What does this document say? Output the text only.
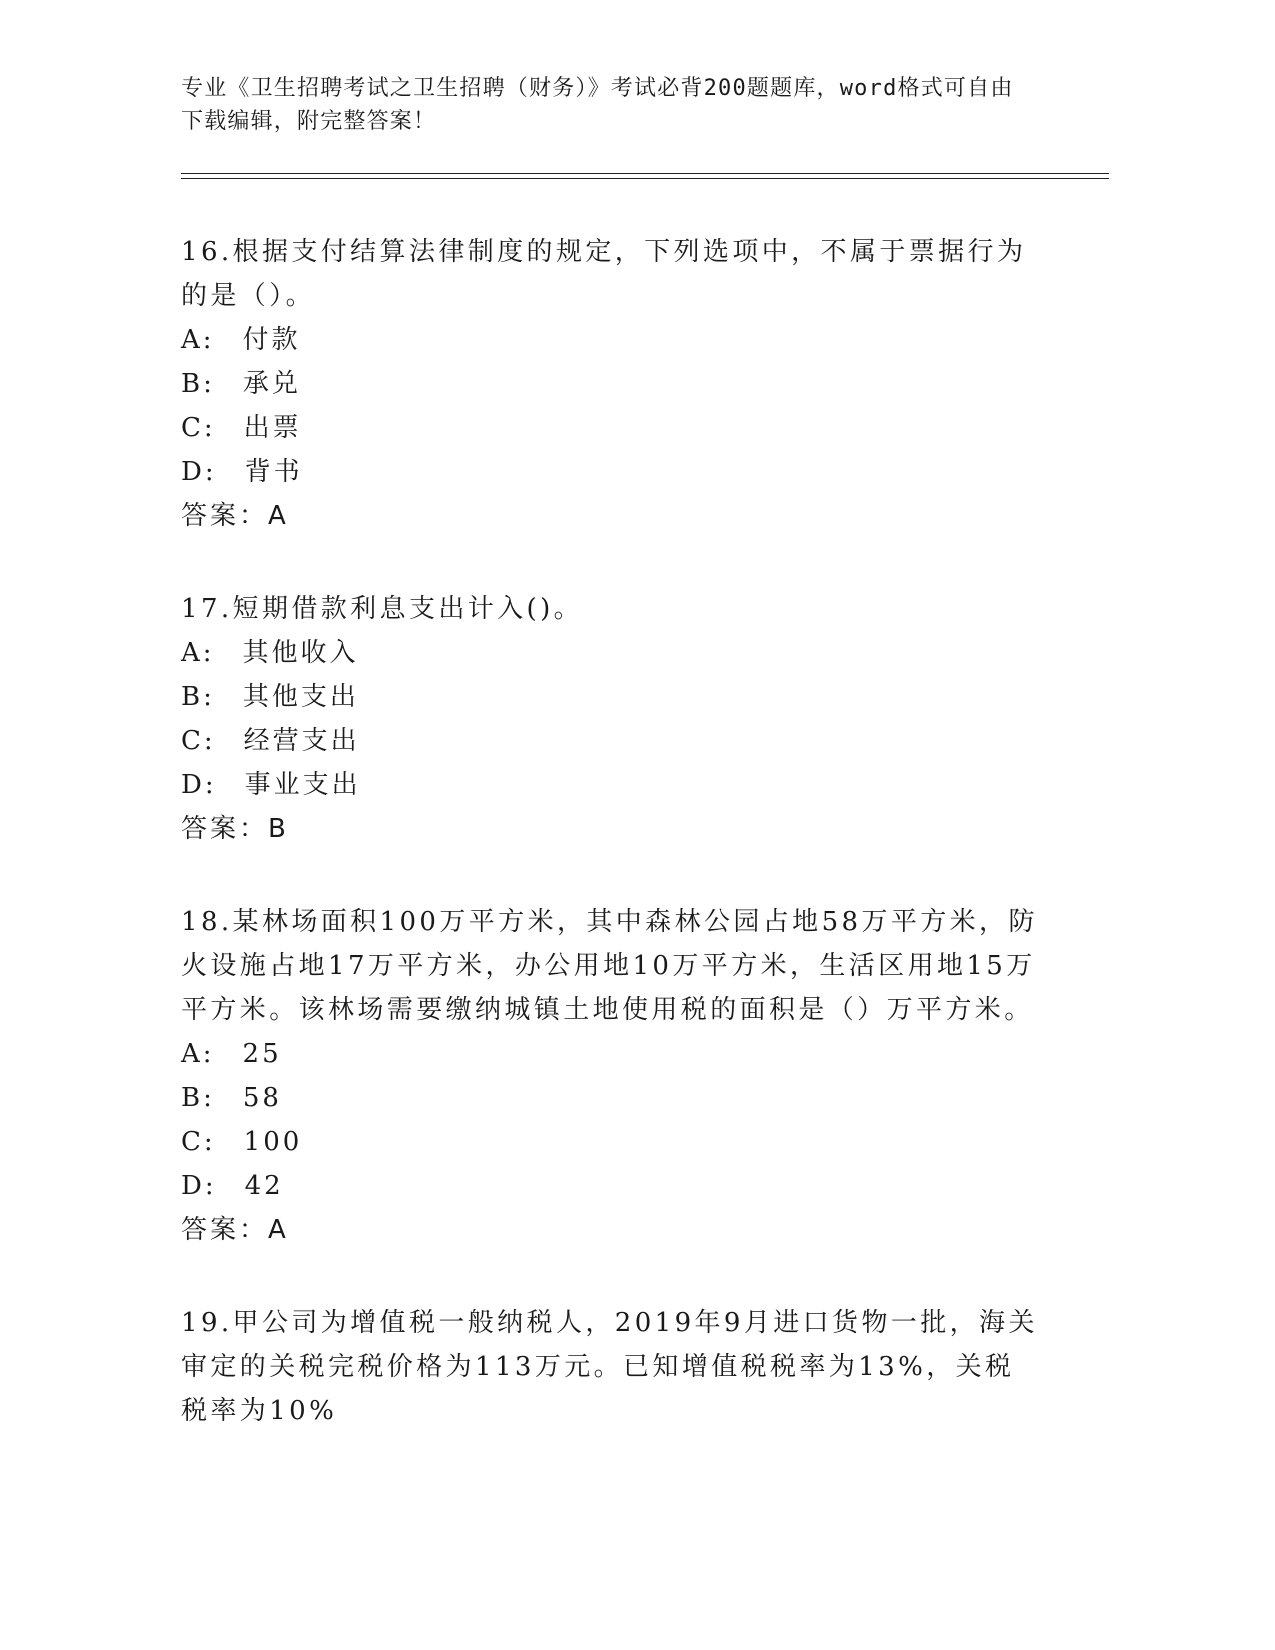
专业《卫生招聘考试之卫生招聘（财务）》考试必背200题题库，word格式可自由下载编辑，附完整答案！

16.根据支付结算法律制度的规定，下列选项中，不属于票据行为的是（）。

A: 付款

B: 承兑

C: 出票

D: 背书

答案：A

17.短期借款利息支出计入()。

A: 其他收入

B: 其他支出

C: 经营支出

D: 事业支出

答案：B

18.某林场面积100万平方米，其中森林公园占地58万平方米，防火设施占地17万平方米，办公用地10万平方米，生活区用地15万平方米。该林场需要缴纳城镇土地使用税的面积是（）万平方米。

A: 25

B: 58

C: 100

D: 42

答案：A

19.甲公司为增值税一般纳税人，2019年9月进口货物一批，海关审定的关税完税价格为113万元。已知增值税税率为13%，关税税率为10%
